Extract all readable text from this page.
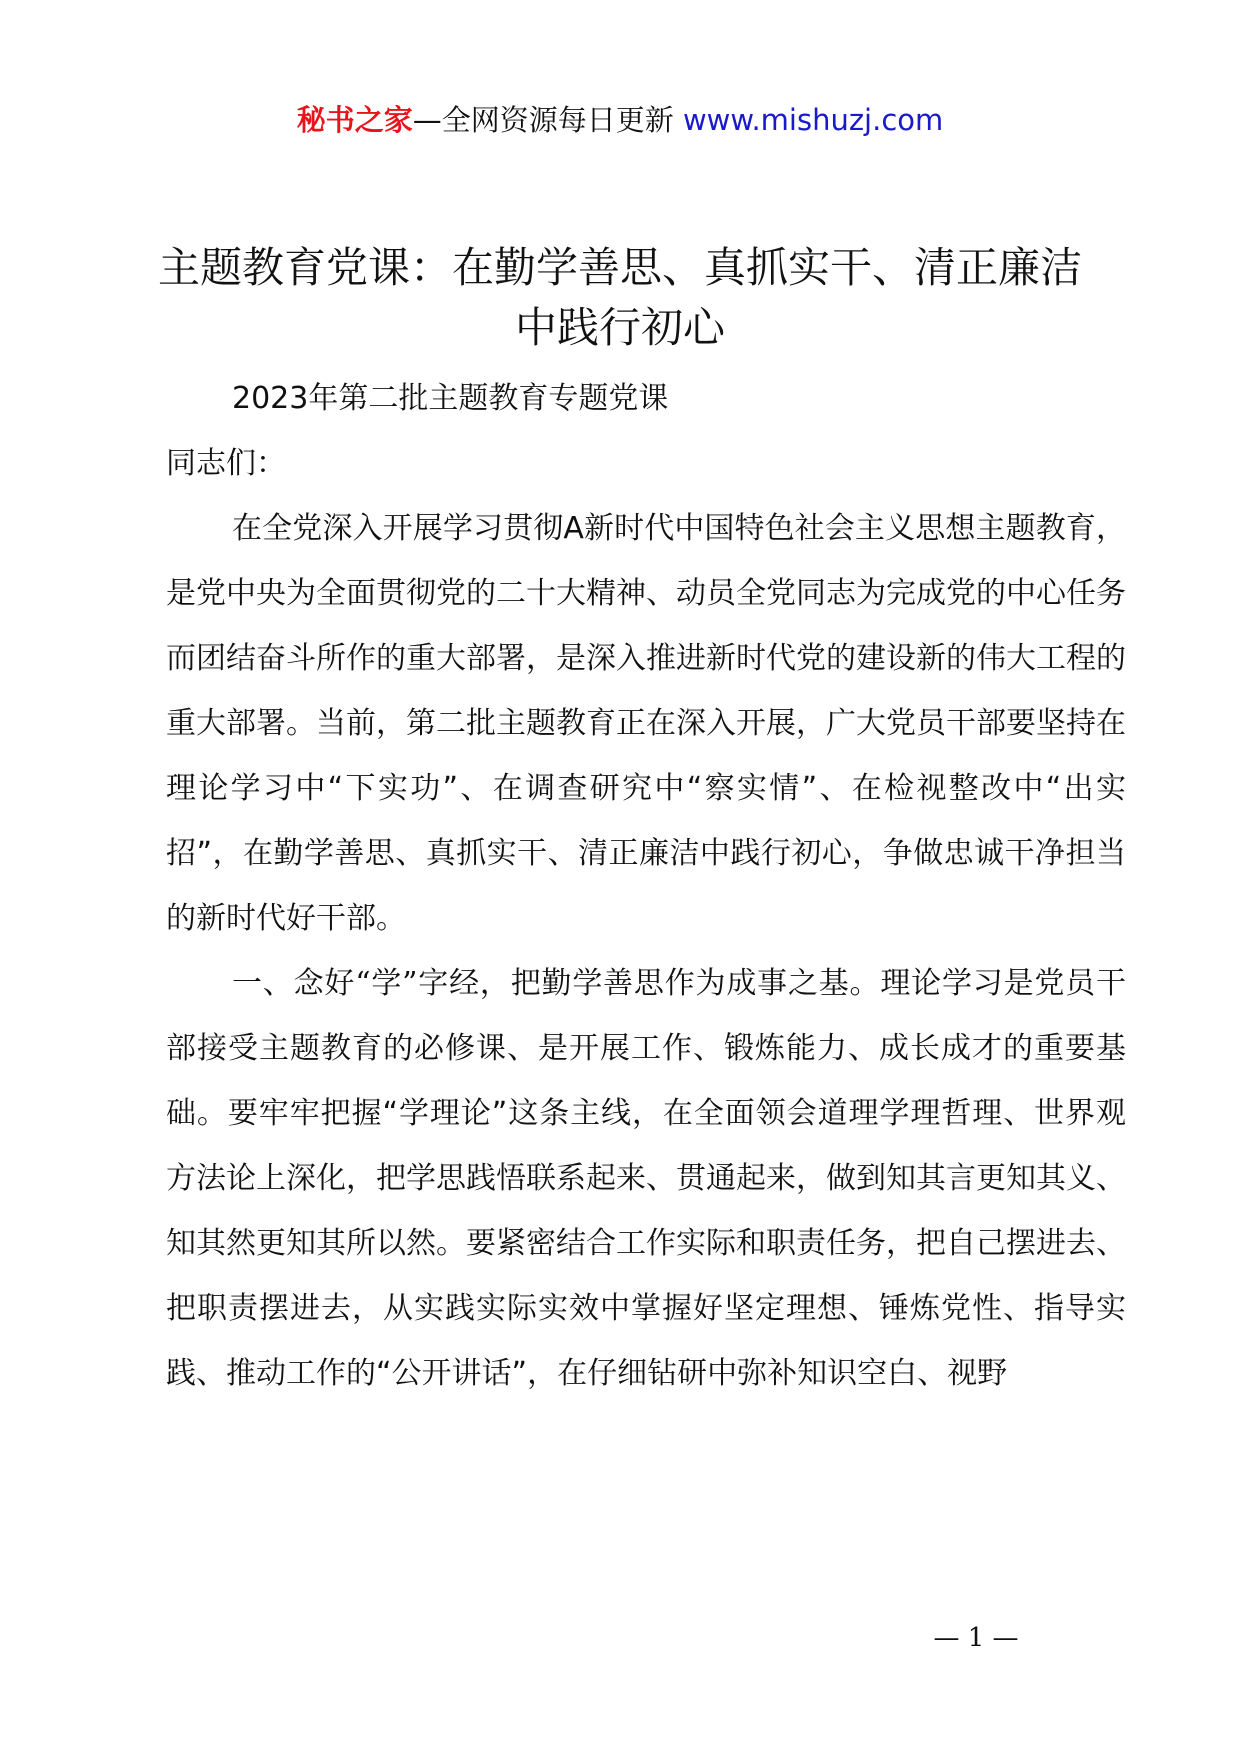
秘书之家—全网资源每日更新 www.mishuzj.com
主题教育党课：在勤学善思、真抓实干、清正廉洁中践行初心

2023年第二批主题教育专题党课

同志们：

在全党深入开展学习贯彻A新时代中国特色社会主义思想主题教育，是党中央为全面贯彻党的二十大精神、动员全党同志为完成党的中心任务而团结奋斗所作的重大部署，是深入推进新时代党的建设新的伟大工程的重大部署。当前，第二批主题教育正在深入开展，广大党员干部要坚持在理论学习中“下实功”、在调查研究中“察实情”、在检视整改中“出实招”，在勤学善思、真抓实干、清正廉洁中践行初心，争做忠诚干净担当的新时代好干部。

一、念好“学”字经，把勤学善思作为成事之基。理论学习是党员干部接受主题教育的必修课、是开展工作、锻炼能力、成长成才的重要基础。要牢牢把握“学理论”这条主线，在全面领会道理学理哲理、世界观方法论上深化，把学思践悟联系起来、贯通起来，做到知其言更知其义、知其然更知其所以然。要紧密结合工作实际和职责任务，把自己摆进去、把职责摆进去，从实践实际实效中掌握好坚定理想、锤炼党性、指导实践、推动工作的“公开讲话”，在仔细钻研中弥补知识空白、视野

— 1 —
